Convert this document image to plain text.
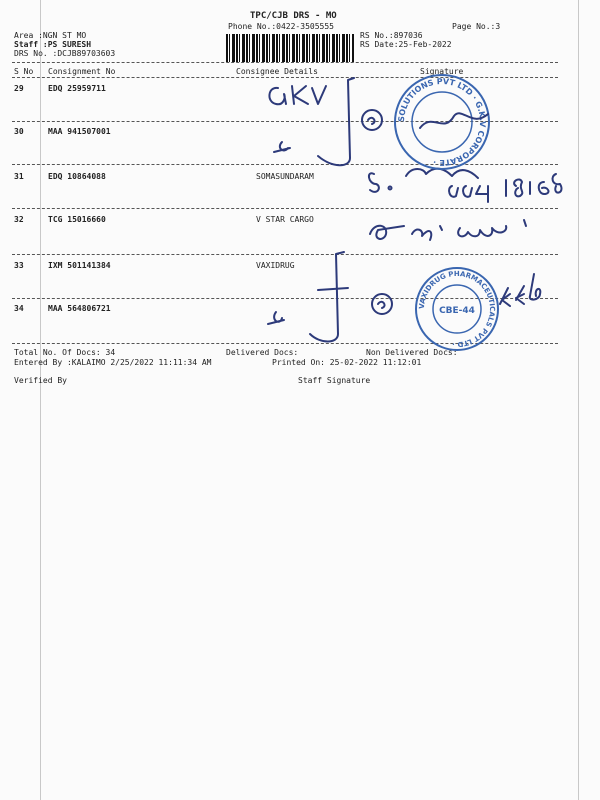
TPC/CJB DRS - MO
Phone No.:0422-3505555	Page No.:3
Area :NGN ST MO
Staff :PS SURESH
DRS No. :DCJB89703603
RS No.:897036
RS Date:25-Feb-2022
S No Consignment No	Consignee Details	Signature
29	EDQ 25959711
30	MAA 941507001
31	EDQ 10864088	SOMASUNDARAM
32	TCG 15016660	V STAR CARGO
33	IXM 501141384	VAXIDRUG
34	MAA 564806721
Total No. Of Docs: 34	Delivered Docs:	Non Delivered Docs:
Entered By :KALAIMO 2/25/2022 11:11:34 AM	Printed On: 25-02-2022 11:12:01
Verified By	Staff Signature
SOLUTIONS PVT LTD · G.K.V CORPORATE ·
VAXIDRUG PHARMACEUTICALS PVT LTD ·
CBE-44
